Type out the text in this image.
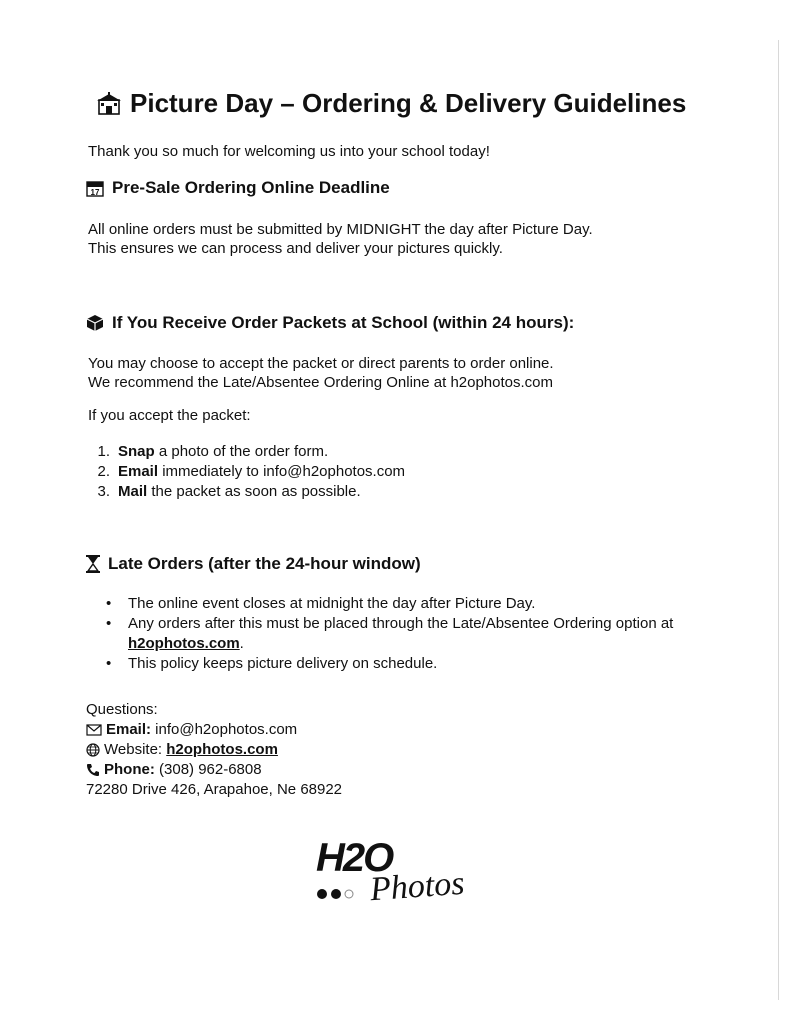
Picture Day – Ordering & Delivery Guidelines
Thank you so much for welcoming us into your school today!
17 Pre-Sale Ordering Online Deadline
All online orders must be submitted by MIDNIGHT the day after Picture Day.
This ensures we can process and deliver your pictures quickly.
If You Receive Order Packets at School (within 24 hours):
You may choose to accept the packet or direct parents to order online.
We recommend the Late/Absentee Ordering Online at h2ophotos.com
If you accept the packet:
1. Snap a photo of the order form.
2. Email immediately to info@h2ophotos.com
3. Mail the packet as soon as possible.
Late Orders (after the 24-hour window)
• The online event closes at midnight the day after Picture Day.
• Any orders after this must be placed through the Late/Absentee Ordering option at h2ophotos.com.
• This policy keeps picture delivery on schedule.
Questions:
Email: info@h2ophotos.com
Website: h2ophotos.com
Phone: (308) 962-6808
72280 Drive 426, Arapahoe, Ne 68922
H2O
Photos
